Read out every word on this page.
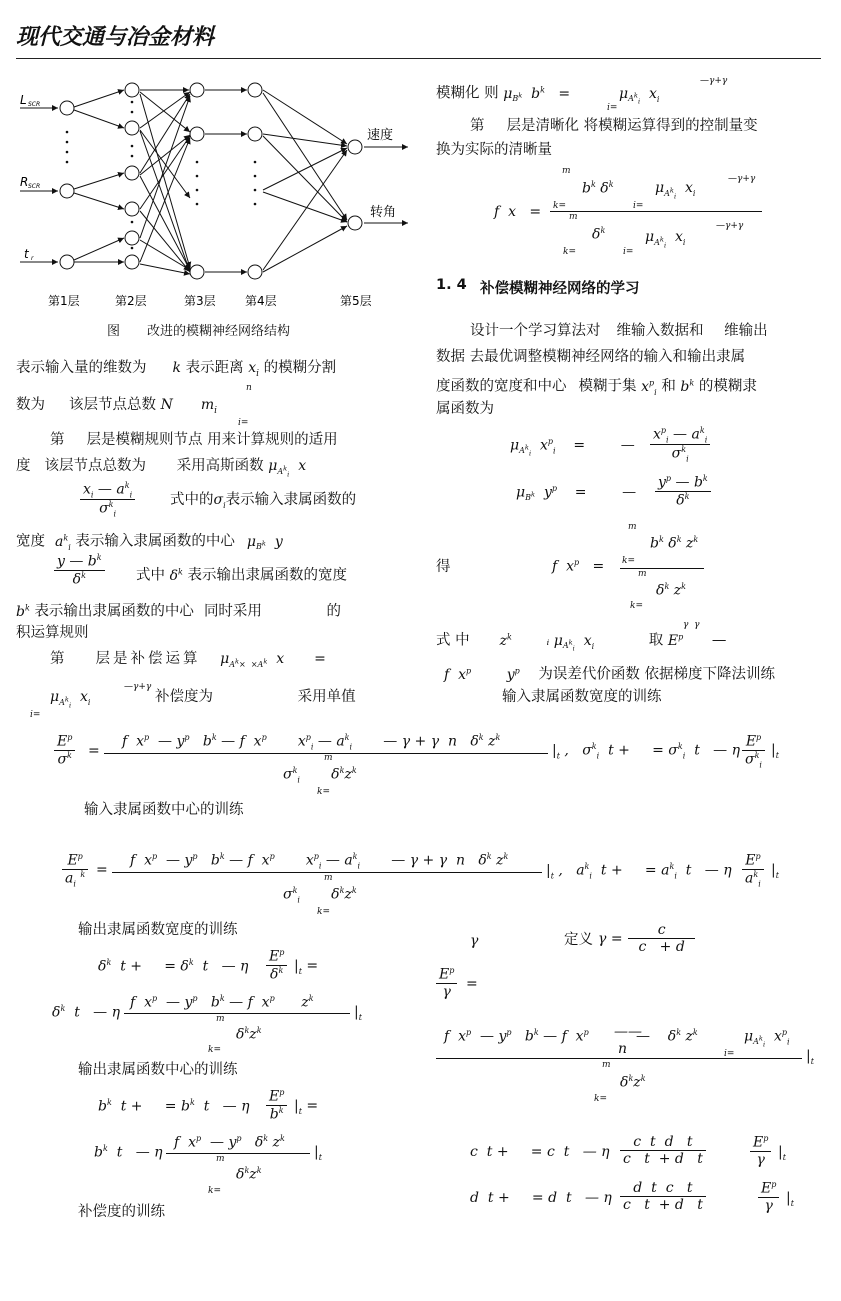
现代交通与冶金材料
L SCR
R SCR
t r
速度
转角
第1层	第2层	第3层 第4层	第5层
图 改进的模糊神经网络结构
表示输入量的维数为 k 表示距离 $x_i$ 的模糊分割
n
数为 该层节点总数 N $m_i$
i=
第 层是模糊规则节点 用来计算规则的适用
度 该层节点总数为 采用高斯函数 $\mu_{A^k_i}$  x
$\frac{x_i — a^k_i}{\sigma^k_i}$ 式中的$\sigma_i$表示输入隶属函数的
宽度 $a^k_i$ 表示输入隶属函数的中心 $\mu_{B^k}$  y
$\frac{y — b^k}{\delta^k}$ 式中 $\delta^k$ 表示输出隶属函数的宽度
$b^k$ 表示输出隶属函数的中心 同时采用	的
积运算规则
第 层是补偿运算 $\mu_{A^k\times \times A^k}$  x =
—γ+γ
$\mu_{A^k_i}$  $x_i$	补偿度为	采用单值
i=
模糊化 则 $\mu_{B^k}$  $b^k$   =           $\mu_{A^k_i}$  $x_i$
—γ+γ
i=
第 层是清晰化 将模糊运算得到的控制量变
换为实际的清晰量
m
$b^k$ $\delta^k$	$\mu_{A^k_i}$  $x_i$
—γ+γ
k=	i=
f  x   =	m
$\delta^k$	$\mu_{A^k_i}$  $x_i$
—γ+γ
k=	i=
1. 4 补偿模糊神经网络的学习
设计一个学习算法对 维输入数据和 维输出
数据 去最优调整模糊神经网络的输入和输出隶属
度函数的宽度和中心 模糊于集 $x^p_i$ 和 $b^k$ 的模糊隶
属函数为
$\mu_{A^k_i}$  $x^p_i$    =        — $\frac{x^p_i — a^k_i}{\sigma^k_i}$
$\mu_{B^k}$  $y^p$    =        — $\frac{y^p — b^k}{\delta^k}$
m
$b^k$ $\delta^k$ $z^k$
得	f  $x^p = k=$
m
$\delta^k$ $z^k$
k=
式 中 $z^k$ ᵢ $\mu_{A^k_i}$  $x_i$	取 $E^p$ —
γ  γ
f  $x^p$        $y^p$ 为误差代价函数 依据梯度下降法训练
输入隶属函数宽度的训练
$\frac{E^p}{\sigma^k}$ =
f  $x^p$  — $y^p$   $b^k$ — f  $x^p$       $x^p_i$ — $a^k_i$       — γ + γ  n   $\delta^k$ $z^k$
$|_t$ ,   $\sigma^k_i$  t +     = $\sigma^k_i$  t   — η $\frac{E^p}{\sigma^k_i} |_t$
m
$\sigma^k_i$       $\delta^kz^k$
k=
输入隶属函数中心的训练
$\frac{E^p}{a_i ^k}$ =
f  $x^p$  — $y^p$   $b^k$ — f  $x^p$       $x^p_i$ — $a^k_i$       — γ + γ  n   $\delta^k$ $z^k$
$|_t$ ,   $a^k_i$  t +     = $a^k_i$  t   — η $\frac{E^p}{a^k_i} |_t$
m
$\sigma^k_i$       $\delta^kz^k$
k=
输出隶属函数宽度的训练
γ	定义 $\gamma = \frac{c}{c + d}$
$\frac{E^p}{\gamma}$ =
f  $x^p$  — $y^p$   $b^k$ — f  $x^p$ ——
n
—    $\delta^k$ $z^k$	$\mu_{A^k_i}$  $x^p_i$
i=	$|_t$
m
$\delta^kz^k$
k=
$\delta^k$  t +     = $\delta^k$  t   — η $\frac{E^p}{\delta^k} |_t$ =
$\delta^k$  t   — η
f  $x^p$  — $y^p$   $b^k$ — f  $x^p$      $z^k$
$|_t$
m
$\delta^kz^k$
k=
输出隶属函数中心的训练
$b^k$  t +     = $b^k$  t   — η $\frac{E^p}{b^k} |_t$ =
$b^k$  t   — η
f  $x^p$  — $y^p$   $\delta^k$ $z^k$
$|_t$
m
$\delta^kz^k$
k=
补偿度的训练
c  t +     = c  t   — η $\frac{\text{c  t  d   t}}{\text{c   t  + d   t}}$	$\frac{E^p}{\gamma} |_t$
d  t +     = d  t   — η $\frac{\text{d  t  c   t}}{\text{c   t  + d   t}}$	$\frac{E^p}{\gamma} |_t$
